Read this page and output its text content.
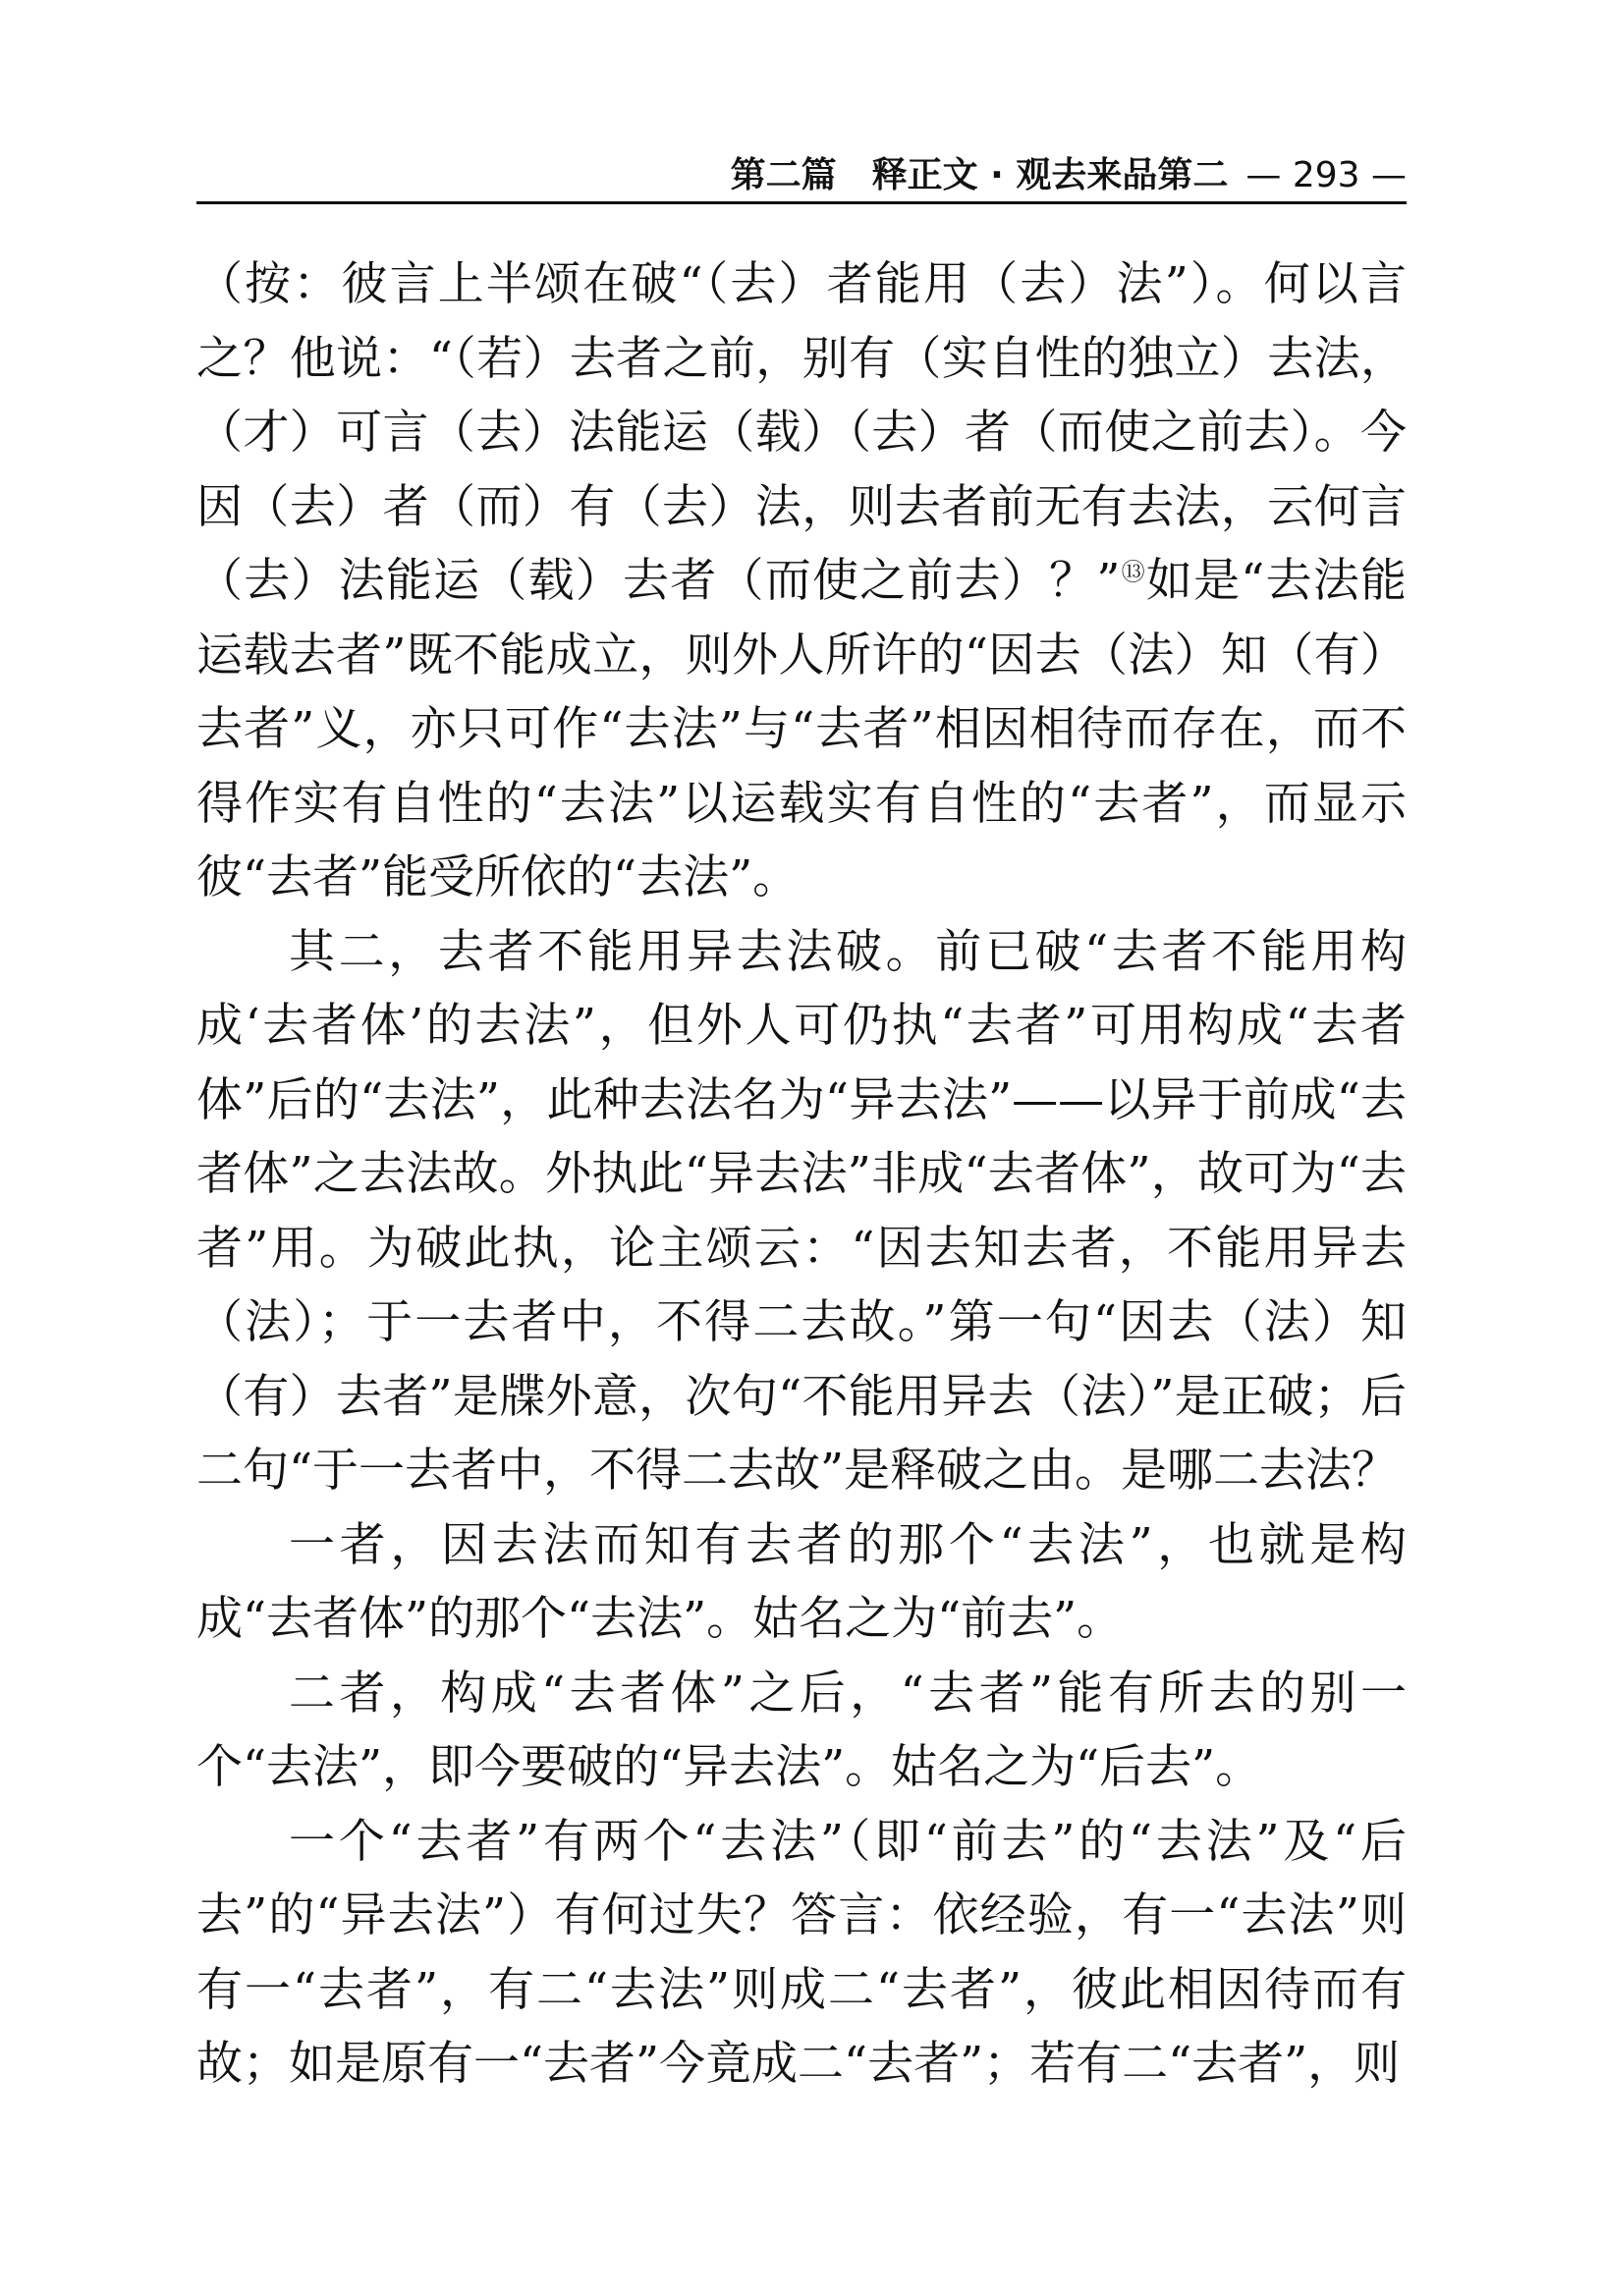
第二篇　释正文 · 观去来品第二 — 293 —

（按：彼言上半颂在破“（去）者能用（去）法”）。何以言之？他说：“（若）去者之前，别有（实自性的独立）去法，（才）可言（去）法能运（载）（去）者（而使之前去）。今因（去）者（而）有（去）法，则去者前无有去法，云何言（去）法能运（载）去者（而使之前去）？”⑬如是“去法能运载去者”既不能成立，则外人所许的“因去（法）知（有）去者”义，亦只可作“去法”与“去者”相因相待而存在，而不得作实有自性的“去法”以运载实有自性的“去者”，而显示彼“去者”能受所依的“去法”。

其二，去者不能用异去法破。前已破“去者不能用构成‘去者体’的去法”，但外人可仍执“去者”可用构成“去者体”后的“去法”，此种去法名为“异去法”——以异于前成“去者体”之去法故。外执此“异去法”非成“去者体”，故可为“去者”用。为破此执，论主颂云：“因去知去者，不能用异去（法）；于一去者中，不得二去故。”第一句“因去（法）知（有）去者”是牒外意，次句“不能用异去（法）”是正破；后二句“于一去者中，不得二去故”是释破之由。是哪二去法？

一者，因去法而知有去者的那个“去法”，也就是构成“去者体”的那个“去法”。姑名之为“前去”。

二者，构成“去者体”之后，“去者”能有所去的别一个“去法”，即今要破的“异去法”。姑名之为“后去”。

一个“去者”有两个“去法”（即“前去”的“去法”及“后去”的“异去法”）有何过失？答言：依经验，有一“去法”则有一“去者”，有二“去法”则成二“去者”，彼此相因待而有故；如是原有一“去者”今竟成二“去者”；若有二“去者”，则
